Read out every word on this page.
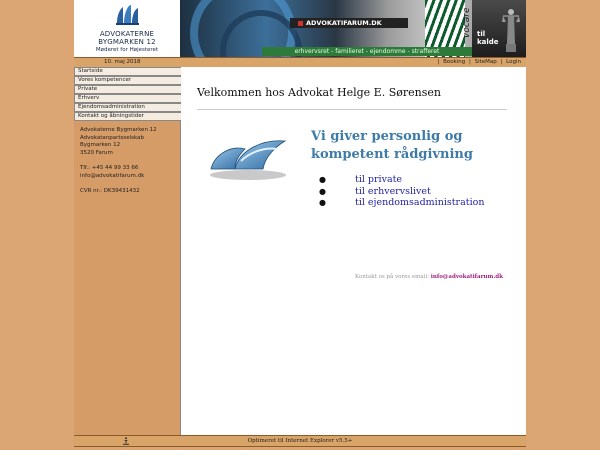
ADVOKATERNE
BYGMARKEN 12
Møderet for Højesteret
ADVOKATIFARUM.DK
erhvervsret - familieret - ejendomme - strafferet
vocare til
kalde
10. maj 2018	| Booking | SiteMap | Login
Startside
Vores kompetencer
Private
Erhverv
Ejendomsadministration
Kontakt og åbningstider
Advokaterne Bygmarken 12
Advokatanpartsselskab
Bygmarken 12
3520 Farum
Tlf.: +45 44 99 33 66
info@advokatifarum.dk
CVR nr.: DK39431432
Velkommen hos Advokat Helge E. Sørensen
Vi giver personlig og
kompetent rådgivning
●	til private
●	til erhvervslivet
●	til ejendomsadministration
Kontakt os på vores email: info@advokatifarum.dk
Optimeret til Internet Explorer v5.5+
